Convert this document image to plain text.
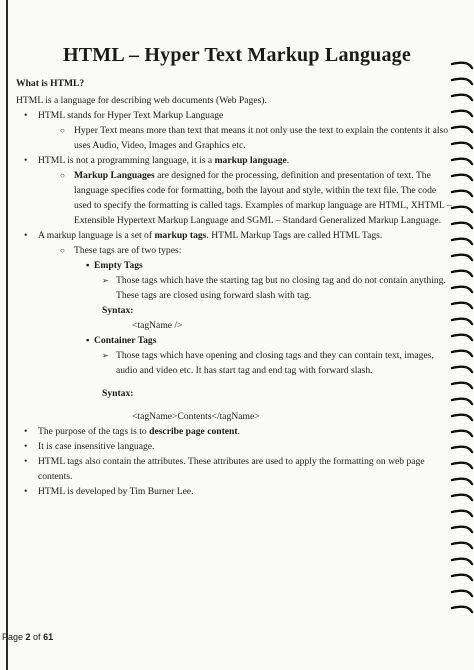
HTML – Hyper Text Markup Language
What is HTML?
HTML is a language for describing web documents (Web Pages).
• HTML stands for Hyper Text Markup Language
○ Hyper Text means more than text that means it not only use the text to explain the contents it also uses Audio, Video, Images and Graphics etc.
• HTML is not a programming language, it is a markup language.
○ Markup Languages are designed for the processing, definition and presentation of text. The language specifies code for formatting, both the layout and style, within the text file. The code used to specify the formatting is called tags. Examples of markup language are HTML, XHTML – Extensible Hypertext Markup Language and SGML – Standard Generalized Markup Language.
• A markup language is a set of markup tags. HTML Markup Tags are called HTML Tags.
○ These tags are of two types:
▪ Empty Tags
➢ Those tags which have the starting tag but no closing tag and do not contain anything. These tags are closed using forward slash with tag.
Syntax:
<tagName />
▪ Container Tags
➢ Those tags which have opening and closing tags and they can contain text, images, audio and video etc. It has start tag and end tag with forward slash.
Syntax:
<tagName>Contents</tagName>
• The purpose of the tags is to describe page content.
• It is case insensitive language.
• HTML tags also contain the attributes. These attributes are used to apply the formatting on web page contents.
• HTML is developed by Tim Burner Lee.
Page 2 of 61
